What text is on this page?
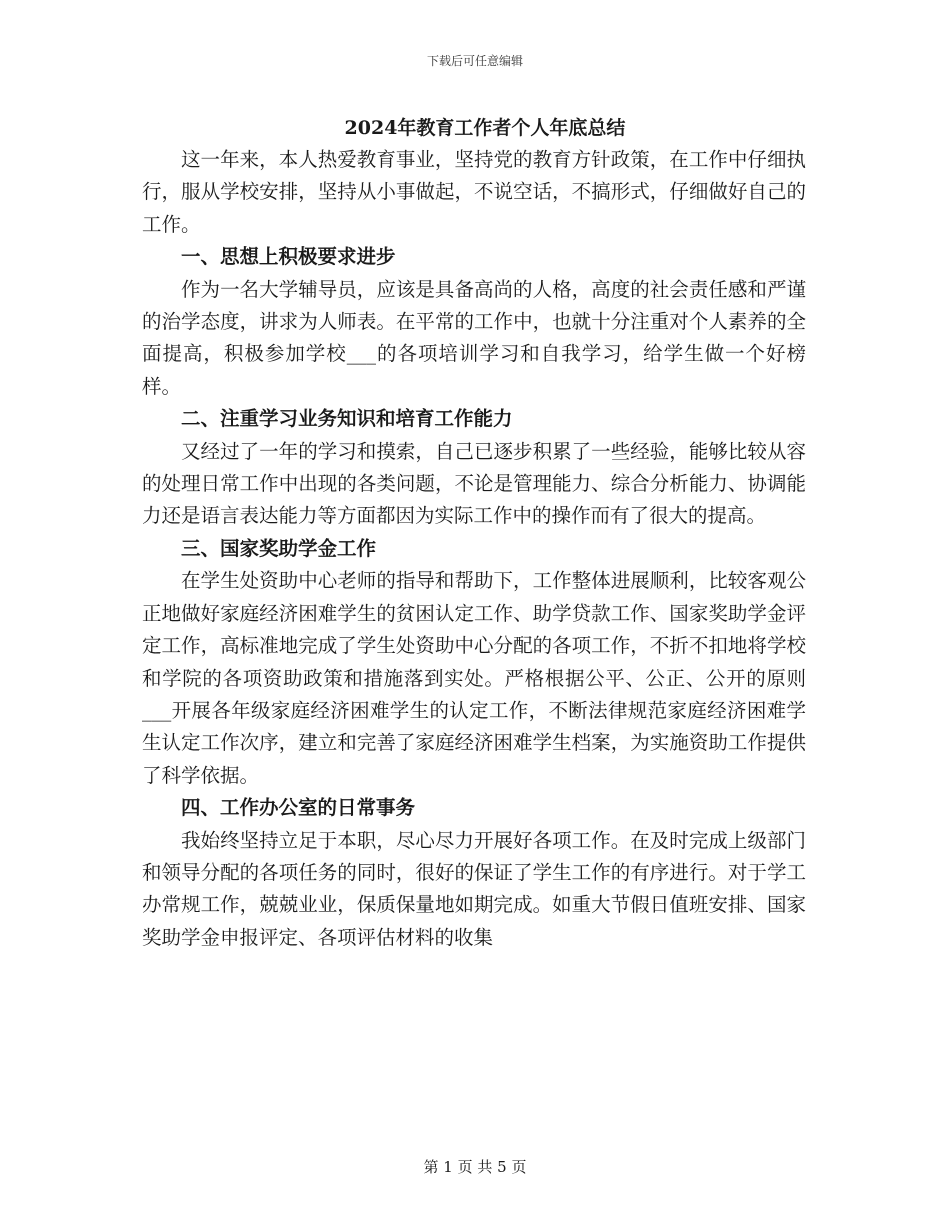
下载后可任意编辑
2024年教育工作者个人年底总结

这一年来，本人热爱教育事业，坚持党的教育方针政策，在工作中仔细执行，服从学校安排，坚持从小事做起，不说空话，不搞形式，仔细做好自己的工作。

一、思想上积极要求进步

作为一名大学辅导员，应该是具备高尚的人格，高度的社会责任感和严谨的治学态度，讲求为人师表。在平常的工作中，也就十分注重对个人素养的全面提高，积极参加学校___的各项培训学习和自我学习，给学生做一个好榜样。

二、注重学习业务知识和培育工作能力

又经过了一年的学习和摸索，自己已逐步积累了一些经验，能够比较从容的处理日常工作中出现的各类问题，不论是管理能力、综合分析能力、协调能力还是语言表达能力等方面都因为实际工作中的操作而有了很大的提高。

三、国家奖助学金工作

在学生处资助中心老师的指导和帮助下，工作整体进展顺利，比较客观公正地做好家庭经济困难学生的贫困认定工作、助学贷款工作、国家奖助学金评定工作，高标准地完成了学生处资助中心分配的各项工作，不折不扣地将学校和学院的各项资助政策和措施落到实处。严格根据公平、公正、公开的原则___开展各年级家庭经济困难学生的认定工作，不断法律规范家庭经济困难学生认定工作次序，建立和完善了家庭经济困难学生档案，为实施资助工作提供了科学依据。

四、工作办公室的日常事务

我始终坚持立足于本职，尽心尽力开展好各项工作。在及时完成上级部门和领导分配的各项任务的同时，很好的保证了学生工作的有序进行。对于学工办常规工作，兢兢业业，保质保量地如期完成。如重大节假日值班安排、国家奖助学金申报评定、各项评估材料的收集

第 1 页 共 5 页
